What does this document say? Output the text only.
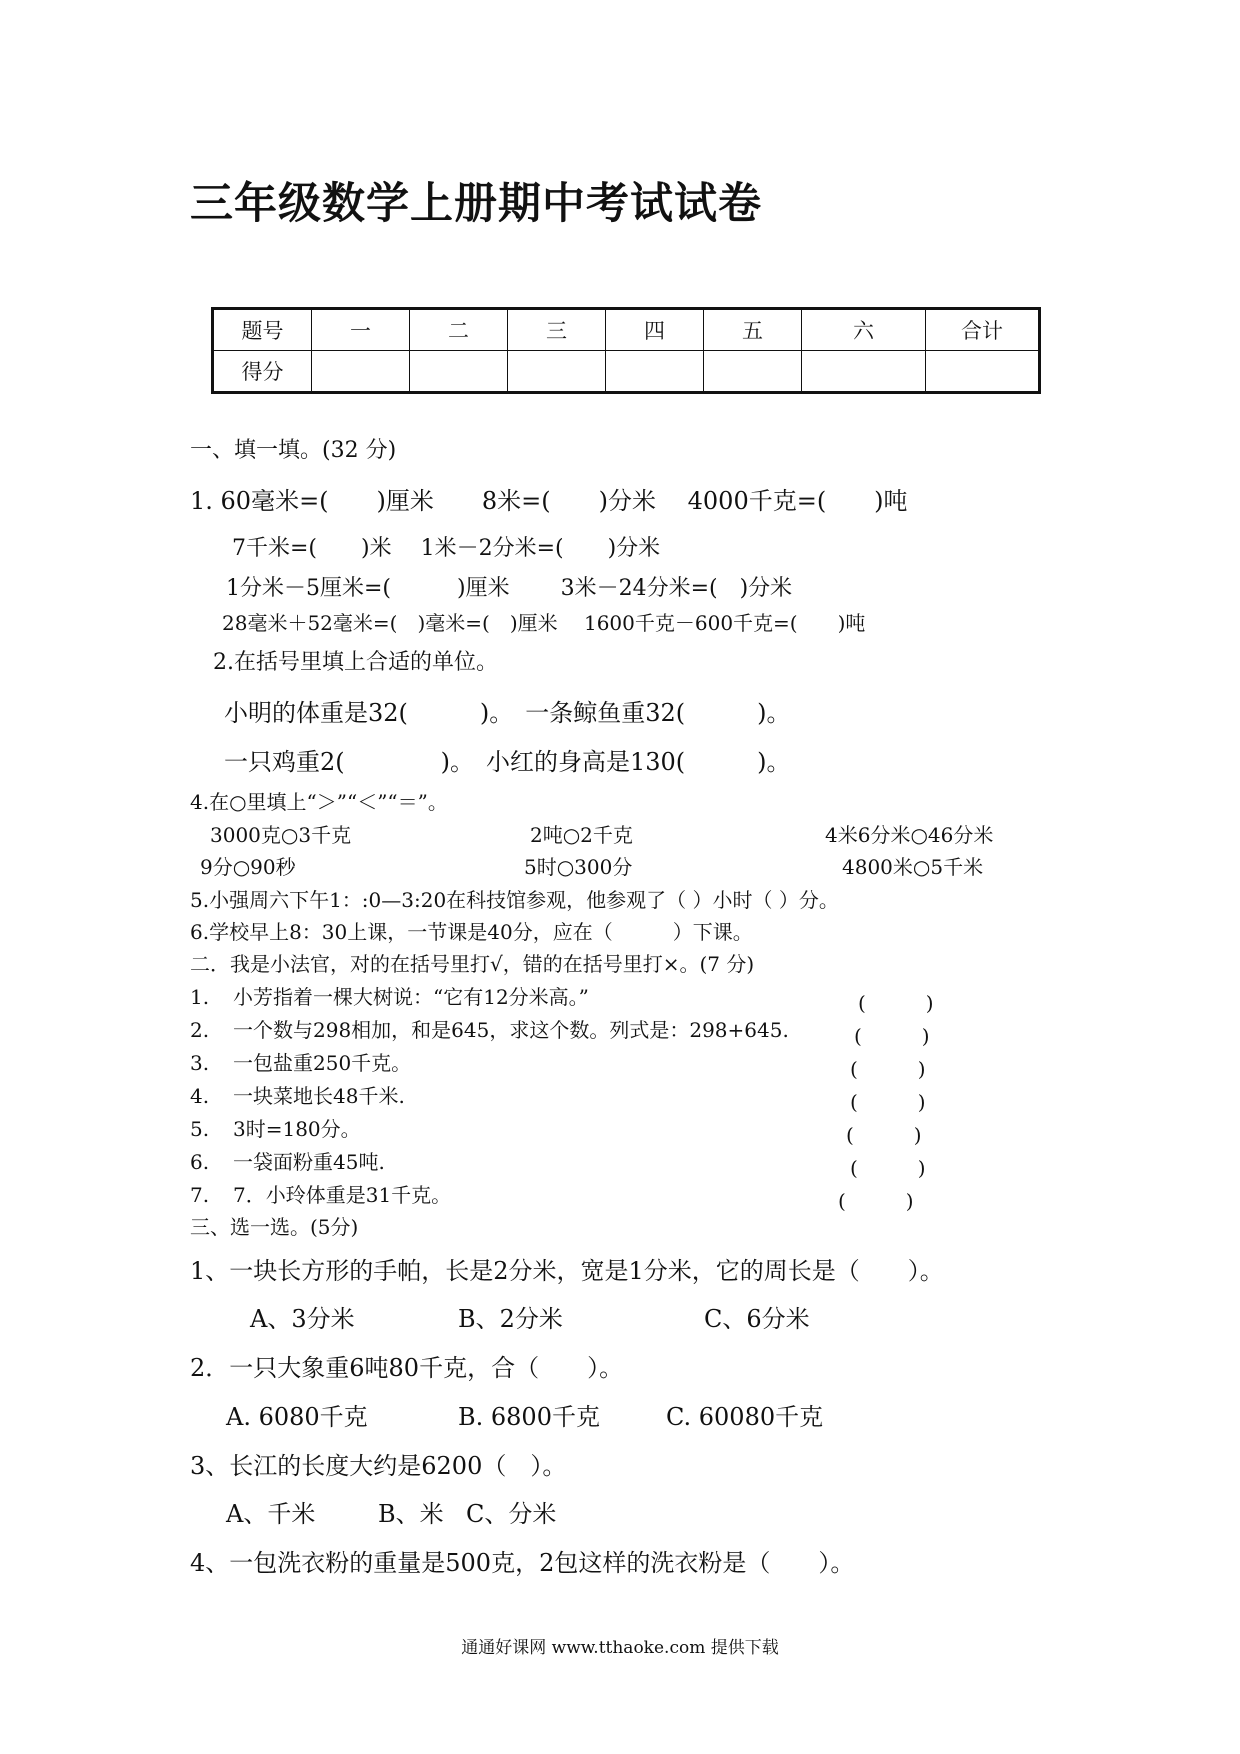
三年级数学上册期中考试试卷
题号	一	二	三	四	五	六	合计
得分							
一、填一填。(32 分)
1. 60毫米=(　　)厘米　　8米=(　　)分米　 4000千克=(　　)吨
7千米=(　　)米　 1米－2分米=(　　)分米
1分米－5厘米=(　　　)厘米　　 3米－24分米=(　)分米
28毫米＋52毫米=(　)毫米=(　)厘米　 1600千克－600千克=(　　)吨
2.在括号里填上合适的单位。
小明的体重是32(　　　)。　一条鲸鱼重32(　　　)。
一只鸡重2(　　　　)。　小红的身高是130(　　　)。
4.在○里填上“＞”“＜”“＝”。
3000克○3千克	2吨○2千克	4米6分米○46分米
9分○90秒	5时○300分	4800米○5千米
5.小强周六下午1：:0—3:20在科技馆参观，他参观了（ ）小时（ ）分。
6.学校早上8：30上课，一节课是40分，应在（　　　）下课。
二．我是小法官，对的在括号里打√，错的在括号里打×。(7 分)
1. 小芳指着一棵大树说：“它有12分米高。”	(　　　)
2. 一个数与298相加，和是645，求这个数。列式是：298+645.	(　　　)
3. 一包盐重250千克。	(　　　)
4. 一块菜地长48千米.	(　　　)
5. 3时=180分。	(　　　)
6. 一袋面粉重45吨.	(　　　)
7. 7．小玲体重是31千克。	(　　　)
三、选一选。(5分)
1、一块长方形的手帕，长是2分米，宽是1分米，它的周长是（　　）。
A、3分米	B、2分米	C、6分米
2．一只大象重6吨80千克，合（　　）。
A. 6080千克	B. 6800千克	C. 60080千克
3、长江的长度大约是6200（　）。
A、千米	B、米 C、分米
4、一包洗衣粉的重量是500克，2包这样的洗衣粉是（　　）。
通通好课网 www.tthaoke.com 提供下载
